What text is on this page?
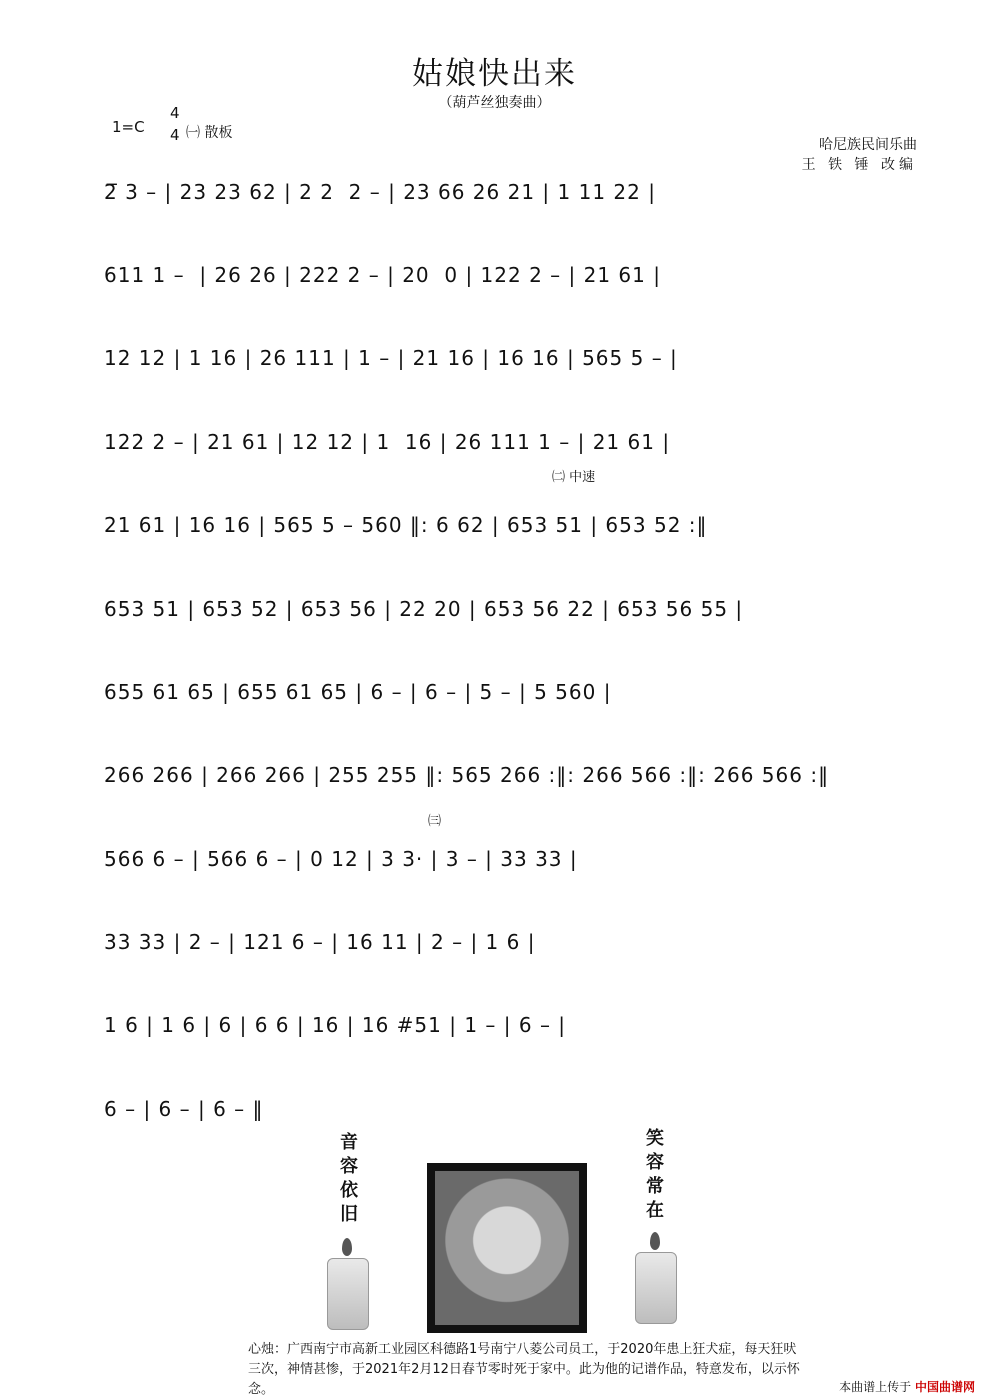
姑娘快出来
（葫芦丝独奏曲）
1=C
4
4 ㈠ 散板
哈尼族民间乐曲
王 铁 锤 改编
2̅ 3 – | 23 23 62 | 2 2  2 – | 23 66 26 21 | 1 11 22 |
611 1 –  | 26 26 | 222 2 – | 20  0 | 122 2 – | 21 61 |
12 12 | 1 16 | 26 111 | 1 – | 21 16 | 16 16 | 565 5 – |
122 2 – | 21 61 | 12 12 | 1  16 | 26 111 1 – | 21 61 |
21 61 | 16 16 | 565 5 – 560 ‖: 6 62 | 653 51 | 653 52 :‖
653 51 | 653 52 | 653 56 | 22 20 | 653 56 22 | 653 56 55 |
655 61 65 | 655 61 65 | 6 – | 6 – | 5 – | 5 560 |
266 266 | 266 266 | 255 255 ‖: 565 266 :‖: 266 566 :‖: 266 566 :‖
566 6 – | 566 6 – | 0 12 | 3 3· | 3 – | 33 33 |
33 33 | 2 – | 121 6 – | 16 11 | 2 – | 1 6 |
1 6 | 1 6 | 6 | 6 6 | 16 | 16 #51 | 1 – | 6 – |
6 – | 6 – | 6 – ‖
㈡ 中速
㈢
音容依旧	笑容常在
心烛：广西南宁市高新工业园区科德路1号南宁八菱公司员工，于2020年患上狂犬症，每天狂吠三次，神情甚惨，于2021年2月12日春节零时死于家中。此为他的记谱作品，特意发布，以示怀念。	本曲谱上传于 中国曲谱网
